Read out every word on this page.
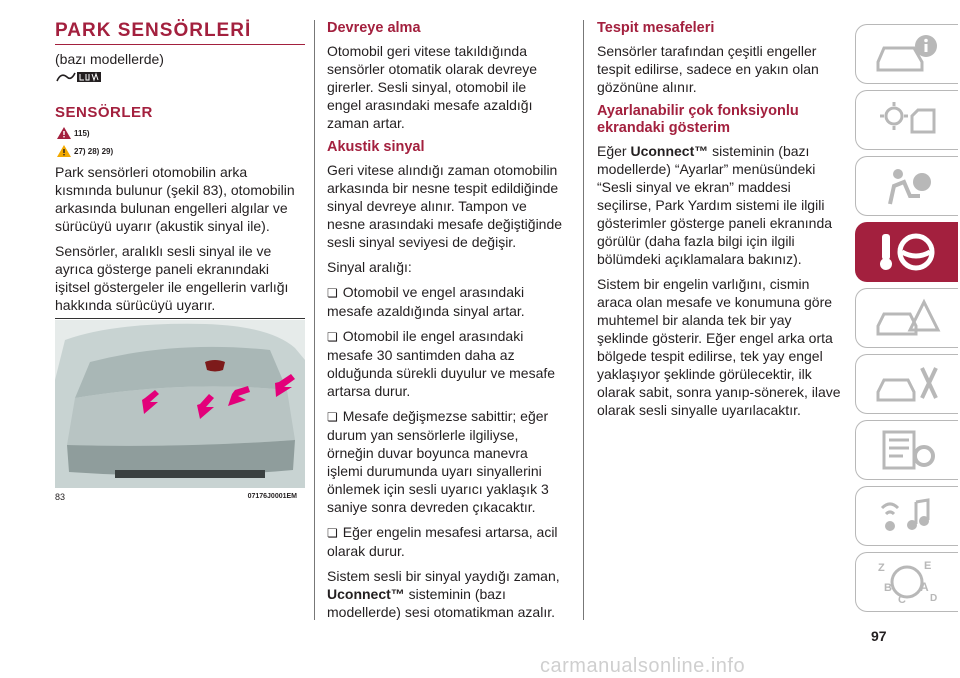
PARK SENSÖRLERİ
(bazı modellerde)
SENSÖRLER
115)
27) 28) 29)

Park sensörleri otomobilin arka kısmında bulunur (şekil 83), otomobilin arkasında bulunan engelleri algılar ve sürücüyü uyarır (akustik sinyal ile).

Sensörler, aralıklı sesli sinyal ile ve ayrıca gösterge paneli ekranındaki işitsel göstergeler ile engellerin varlığı hakkında sürücüyü uyarır.

83	07176J0001EM
Devreye alma

Otomobil geri vitese takıldığında sensörler otomatik olarak devreye girerler. Sesli sinyal, otomobil ile engel arasındaki mesafe azaldığı zaman artar.

Akustik sinyal

Geri vitese alındığı zaman otomobilin arkasında bir nesne tespit edildiğinde sinyal devreye alınır. Tampon ve nesne arasındaki mesafe değiştiğinde sesli sinyal seviyesi de değişir.

Sinyal aralığı:

❏ Otomobil ve engel arasındaki mesafe azaldığında sinyal artar.

❏ Otomobil ile engel arasındaki mesafe 30 santimden daha az olduğunda sürekli duyulur ve mesafe artarsa durur.

❏ Mesafe değişmezse sabittir; eğer durum yan sensörlerle ilgiliyse, örneğin duvar boyunca manevra işlemi durumunda uyarı sinyallerini önlemek için sesli uyarıcı yaklaşık 3 saniye sonra devreden çıkacaktır.

❏ Eğer engelin mesafesi artarsa, acil olarak durur.

Sistem sesli bir sinyal yaydığı zaman,
Uconnect™ sisteminin (bazı modellerde) sesi otomatikman azalır.

Tespit mesafeleri

Sensörler tarafından çeşitli engeller tespit edilirse, sadece en yakın olan gözönüne alınır.

Ayarlanabilir çok fonksiyonlu ekrandaki gösterim

Eğer Uconnect™ sisteminin (bazı modellerde) “Ayarlar” menüsündeki “Sesli sinyal ve ekran” maddesi seçilirse, Park Yardım sistemi ile ilgili gösterimler gösterge paneli ekranında görülür (daha fazla bilgi için ilgili bölümdeki açıklamalara bakınız).

Sistem bir engelin varlığını, cismin araca olan mesafe ve konumuna göre muhtemel bir alanda tek bir yay şeklinde gösterir. Eğer engel arka orta bölgede tespit edilirse, tek yay engel yaklaşıyor şeklinde görülecektir, ilk olarak sabit, sonra yanıp-sönerek, ilave olarak sesli sinyalle uyarılacaktır.

Z	E
B A
C D
97
carmanualsonline.info
